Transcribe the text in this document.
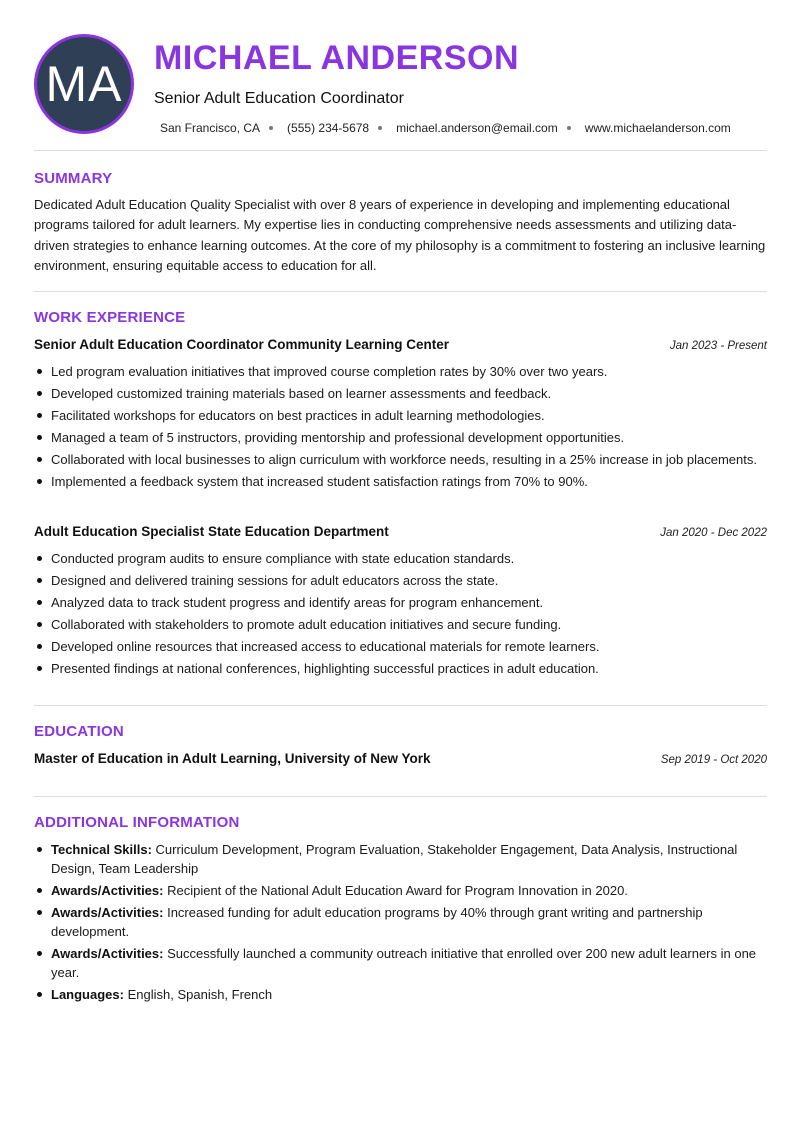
MA MICHAEL ANDERSON
Senior Adult Education Coordinator
San Francisco, CA (555) 234-5678 michael.anderson@email.com www.michaelanderson.com
SUMMARY

Dedicated Adult Education Quality Specialist with over 8 years of experience in developing and implementing educational programs tailored for adult learners. My expertise lies in conducting comprehensive needs assessments and utilizing data-driven strategies to enhance learning outcomes. At the core of my philosophy is a commitment to fostering an inclusive learning environment, ensuring equitable access to education for all.

WORK EXPERIENCE
Senior Adult Education Coordinator Community Learning Center	Jan 2023 - Present
Led program evaluation initiatives that improved course completion rates by 30% over two years.
Developed customized training materials based on learner assessments and feedback.
Facilitated workshops for educators on best practices in adult learning methodologies.
Managed a team of 5 instructors, providing mentorship and professional development opportunities.
Collaborated with local businesses to align curriculum with workforce needs, resulting in a 25% increase in job placements.
Implemented a feedback system that increased student satisfaction ratings from 70% to 90%.
Adult Education Specialist State Education Department	Jan 2020 - Dec 2022
Conducted program audits to ensure compliance with state education standards.
Designed and delivered training sessions for adult educators across the state.
Analyzed data to track student progress and identify areas for program enhancement.
Collaborated with stakeholders to promote adult education initiatives and secure funding.
Developed online resources that increased access to educational materials for remote learners.
Presented findings at national conferences, highlighting successful practices in adult education.
EDUCATION
Master of Education in Adult Learning, University of New York	Sep 2019 - Oct 2020
ADDITIONAL INFORMATION
Technical Skills: Curriculum Development, Program Evaluation, Stakeholder Engagement, Data Analysis, Instructional Design, Team Leadership
Awards/Activities: Recipient of the National Adult Education Award for Program Innovation in 2020.
Awards/Activities: Increased funding for adult education programs by 40% through grant writing and partnership development.
Awards/Activities: Successfully launched a community outreach initiative that enrolled over 200 new adult learners in one year.
Languages: English, Spanish, French
